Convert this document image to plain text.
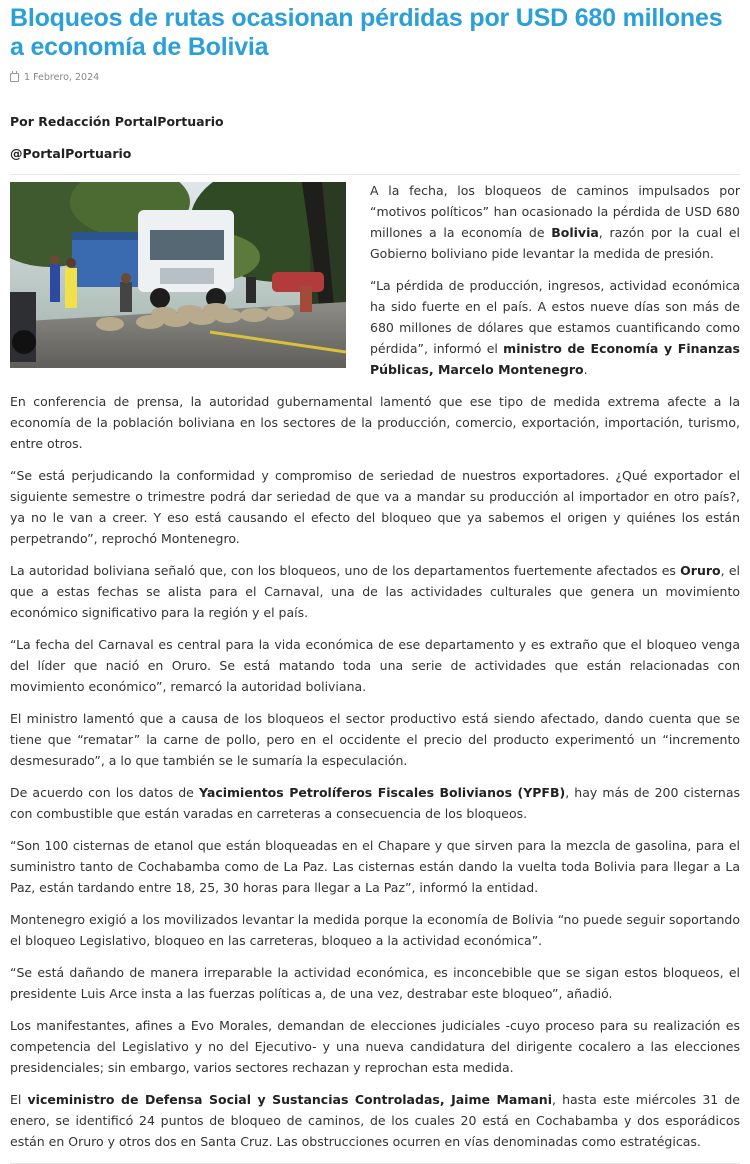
Bloqueos de rutas ocasionan pérdidas por USD 680 millones a economía de Bolivia
1 Febrero, 2024

Por Redacción PortalPortuario

@PortalPortuario

A la fecha, los bloqueos de caminos impulsados por “motivos políticos” han ocasionado la pérdida de USD 680 millones a la economía de Bolivia, razón por la cual el Gobierno boliviano pide levantar la medida de presión.

“La pérdida de producción, ingresos, actividad económica ha sido fuerte en el país. A estos nueve días son más de 680 millones de dólares que estamos cuantificando como pérdida”, informó el ministro de Economía y Finanzas Públicas, Marcelo Montenegro.

En conferencia de prensa, la autoridad gubernamental lamentó que ese tipo de medida extrema afecte a la economía de la población boliviana en los sectores de la producción, comercio, exportación, importación, turismo, entre otros.

“Se está perjudicando la conformidad y compromiso de seriedad de nuestros exportadores. ¿Qué exportador el siguiente semestre o trimestre podrá dar seriedad de que va a mandar su producción al importador en otro país?, ya no le van a creer. Y eso está causando el efecto del bloqueo que ya sabemos el origen y quiénes los están perpetrando”, reprochó Montenegro.

La autoridad boliviana señaló que, con los bloqueos, uno de los departamentos fuertemente afectados es Oruro, el que a estas fechas se alista para el Carnaval, una de las actividades culturales que genera un movimiento económico significativo para la región y el país.

“La fecha del Carnaval es central para la vida económica de ese departamento y es extraño que el bloqueo venga del líder que nació en Oruro. Se está matando toda una serie de actividades que están relacionadas con movimiento económico”, remarcó la autoridad boliviana.

El ministro lamentó que a causa de los bloqueos el sector productivo está siendo afectado, dando cuenta que se tiene que “rematar” la carne de pollo, pero en el occidente el precio del producto experimentó un “incremento desmesurado”, a lo que también se le sumaría la especulación.

De acuerdo con los datos de Yacimientos Petrolíferos Fiscales Bolivianos (YPFB), hay más de 200 cisternas con combustible que están varadas en carreteras a consecuencia de los bloqueos.

“Son 100 cisternas de etanol que están bloqueadas en el Chapare y que sirven para la mezcla de gasolina, para el suministro tanto de Cochabamba como de La Paz. Las cisternas están dando la vuelta toda Bolivia para llegar a La Paz, están tardando entre 18, 25, 30 horas para llegar a La Paz”, informó la entidad.

Montenegro exigió a los movilizados levantar la medida porque la economía de Bolivia “no puede seguir soportando el bloqueo Legislativo, bloqueo en las carreteras, bloqueo a la actividad económica”.

“Se está dañando de manera irreparable la actividad económica, es inconcebible que se sigan estos bloqueos, el presidente Luis Arce insta a las fuerzas políticas a, de una vez, destrabar este bloqueo”, añadió.

Los manifestantes, afines a Evo Morales, demandan de elecciones judiciales -cuyo proceso para su realización es competencia del Legislativo y no del Ejecutivo- y una nueva candidatura del dirigente cocalero a las elecciones presidenciales; sin embargo, varios sectores rechazan y reprochan esta medida.

El viceministro de Defensa Social y Sustancias Controladas, Jaime Mamani, hasta este miércoles 31 de enero, se identificó 24 puntos de bloqueo de caminos, de los cuales 20 está en Cochabamba y dos esporádicos están en Oruro y otros dos en Santa Cruz. Las obstrucciones ocurren en vías denominadas como estratégicas.
